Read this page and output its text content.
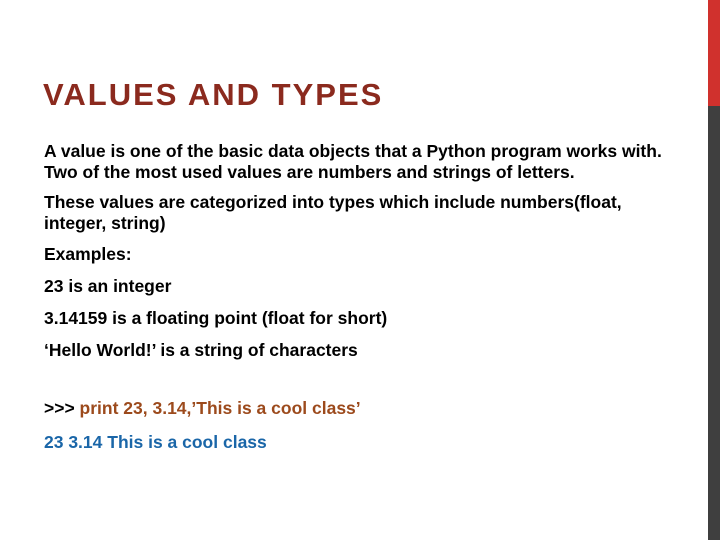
VALUES AND TYPES

A value is one of the basic data objects that a Python program works with. Two of the most used values are numbers and strings of letters.

These values are categorized into types which include numbers(float, integer, string)

Examples:

23 is an integer

3.14159 is a floating point (float for short)

‘Hello World!’ is a string of characters

>>> print 23, 3.14,’This is a cool class’

23 3.14 This is a cool class
